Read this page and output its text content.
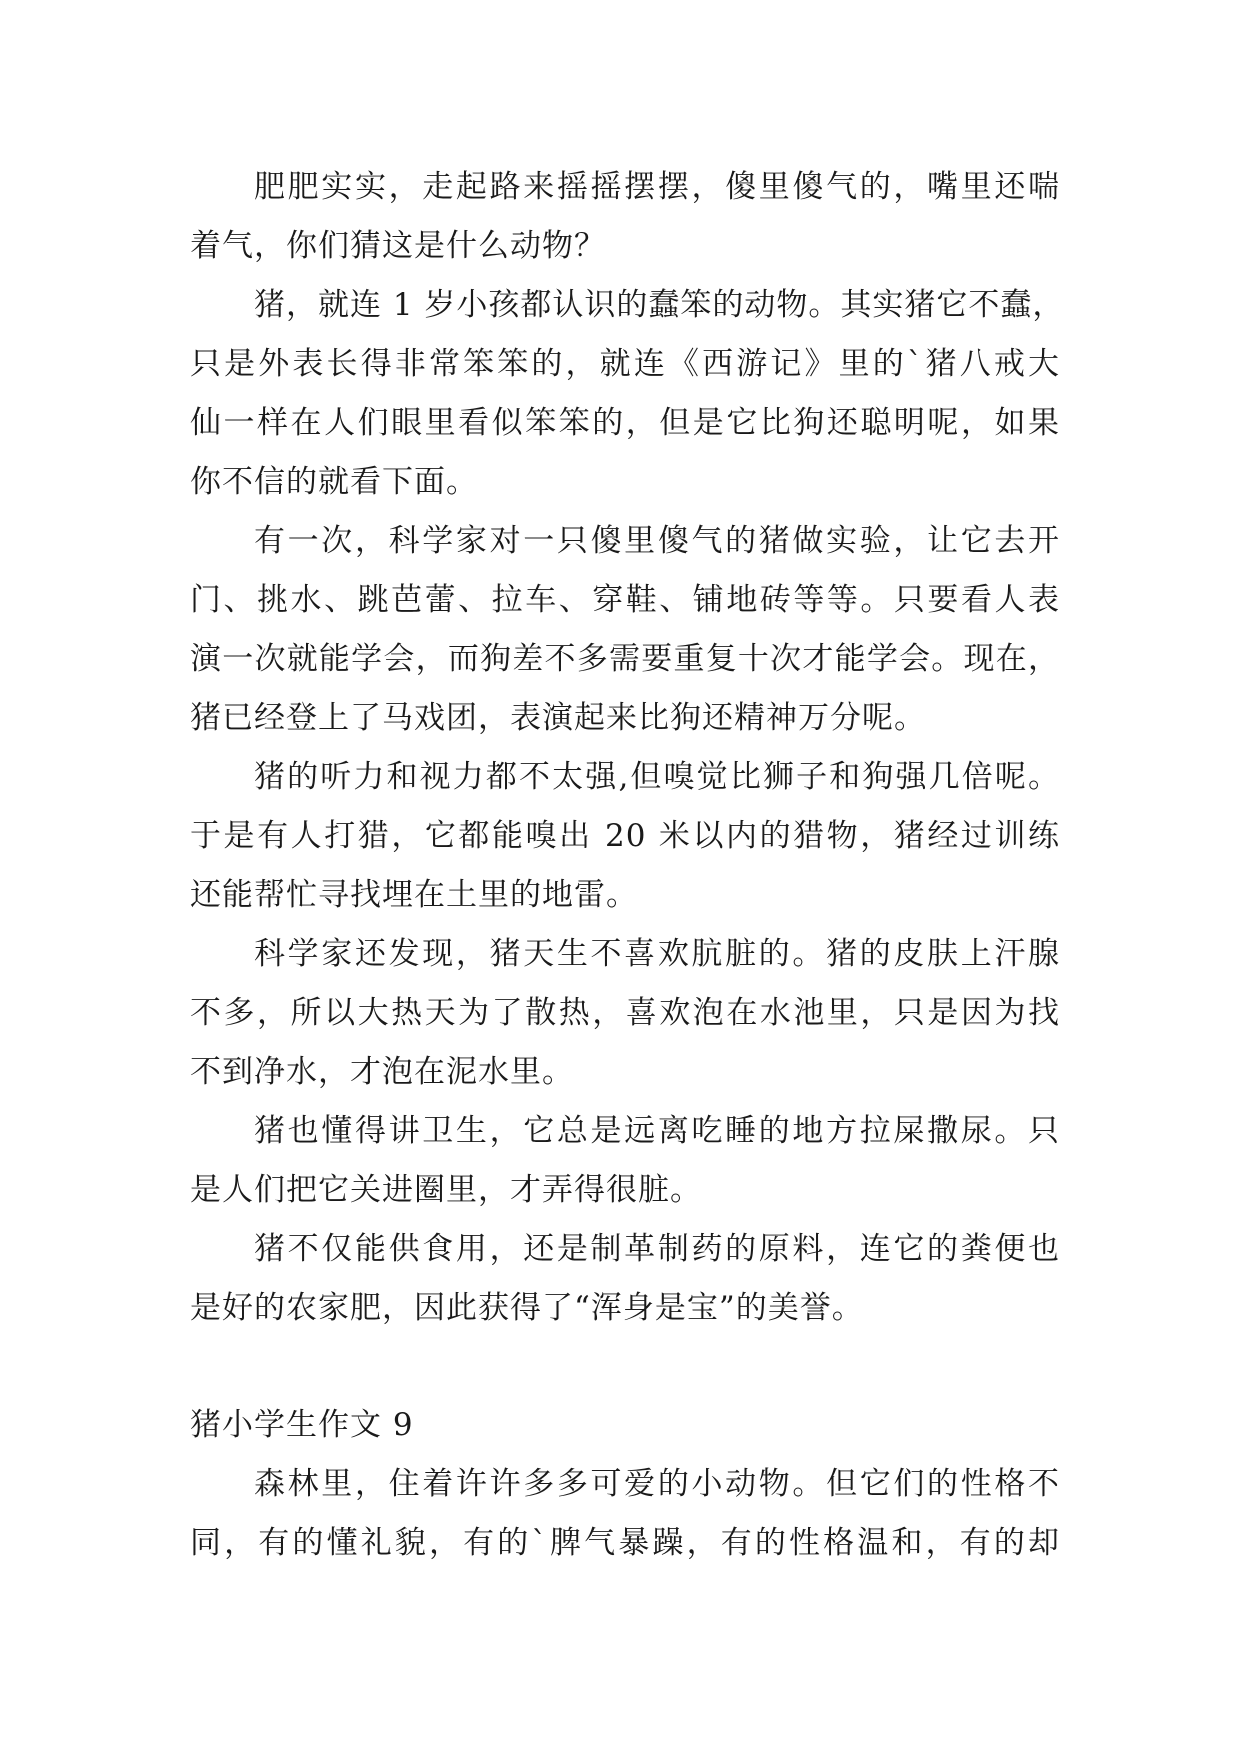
肥肥实实，走起路来摇摇摆摆，傻里傻气的，嘴里还喘
着气，你们猜这是什么动物？
猪，就连 1 岁小孩都认识的蠢笨的动物。其实猪它不蠢，
只是外表长得非常笨笨的，就连《西游记》里的`猪八戒大
仙一样在人们眼里看似笨笨的，但是它比狗还聪明呢，如果
你不信的就看下面。
有一次，科学家对一只傻里傻气的猪做实验，让它去开
门、挑水、跳芭蕾、拉车、穿鞋、铺地砖等等。只要看人表
演一次就能学会，而狗差不多需要重复十次才能学会。现在，
猪已经登上了马戏团，表演起来比狗还精神万分呢。
猪的听力和视力都不太强,但嗅觉比狮子和狗强几倍呢。
于是有人打猎，它都能嗅出 20 米以内的猎物，猪经过训练
还能帮忙寻找埋在土里的地雷。
科学家还发现，猪天生不喜欢肮脏的。猪的皮肤上汗腺
不多，所以大热天为了散热，喜欢泡在水池里，只是因为找
不到净水，才泡在泥水里。
猪也懂得讲卫生，它总是远离吃睡的地方拉屎撒尿。只
是人们把它关进圈里，才弄得很脏。
猪不仅能供食用，还是制革制药的原料，连它的粪便也
是好的农家肥，因此获得了“浑身是宝”的美誉。
猪小学生作文 9
森林里，住着许许多多可爱的小动物。但它们的性格不
同，有的懂礼貌，有的`脾气暴躁，有的性格温和，有的却
